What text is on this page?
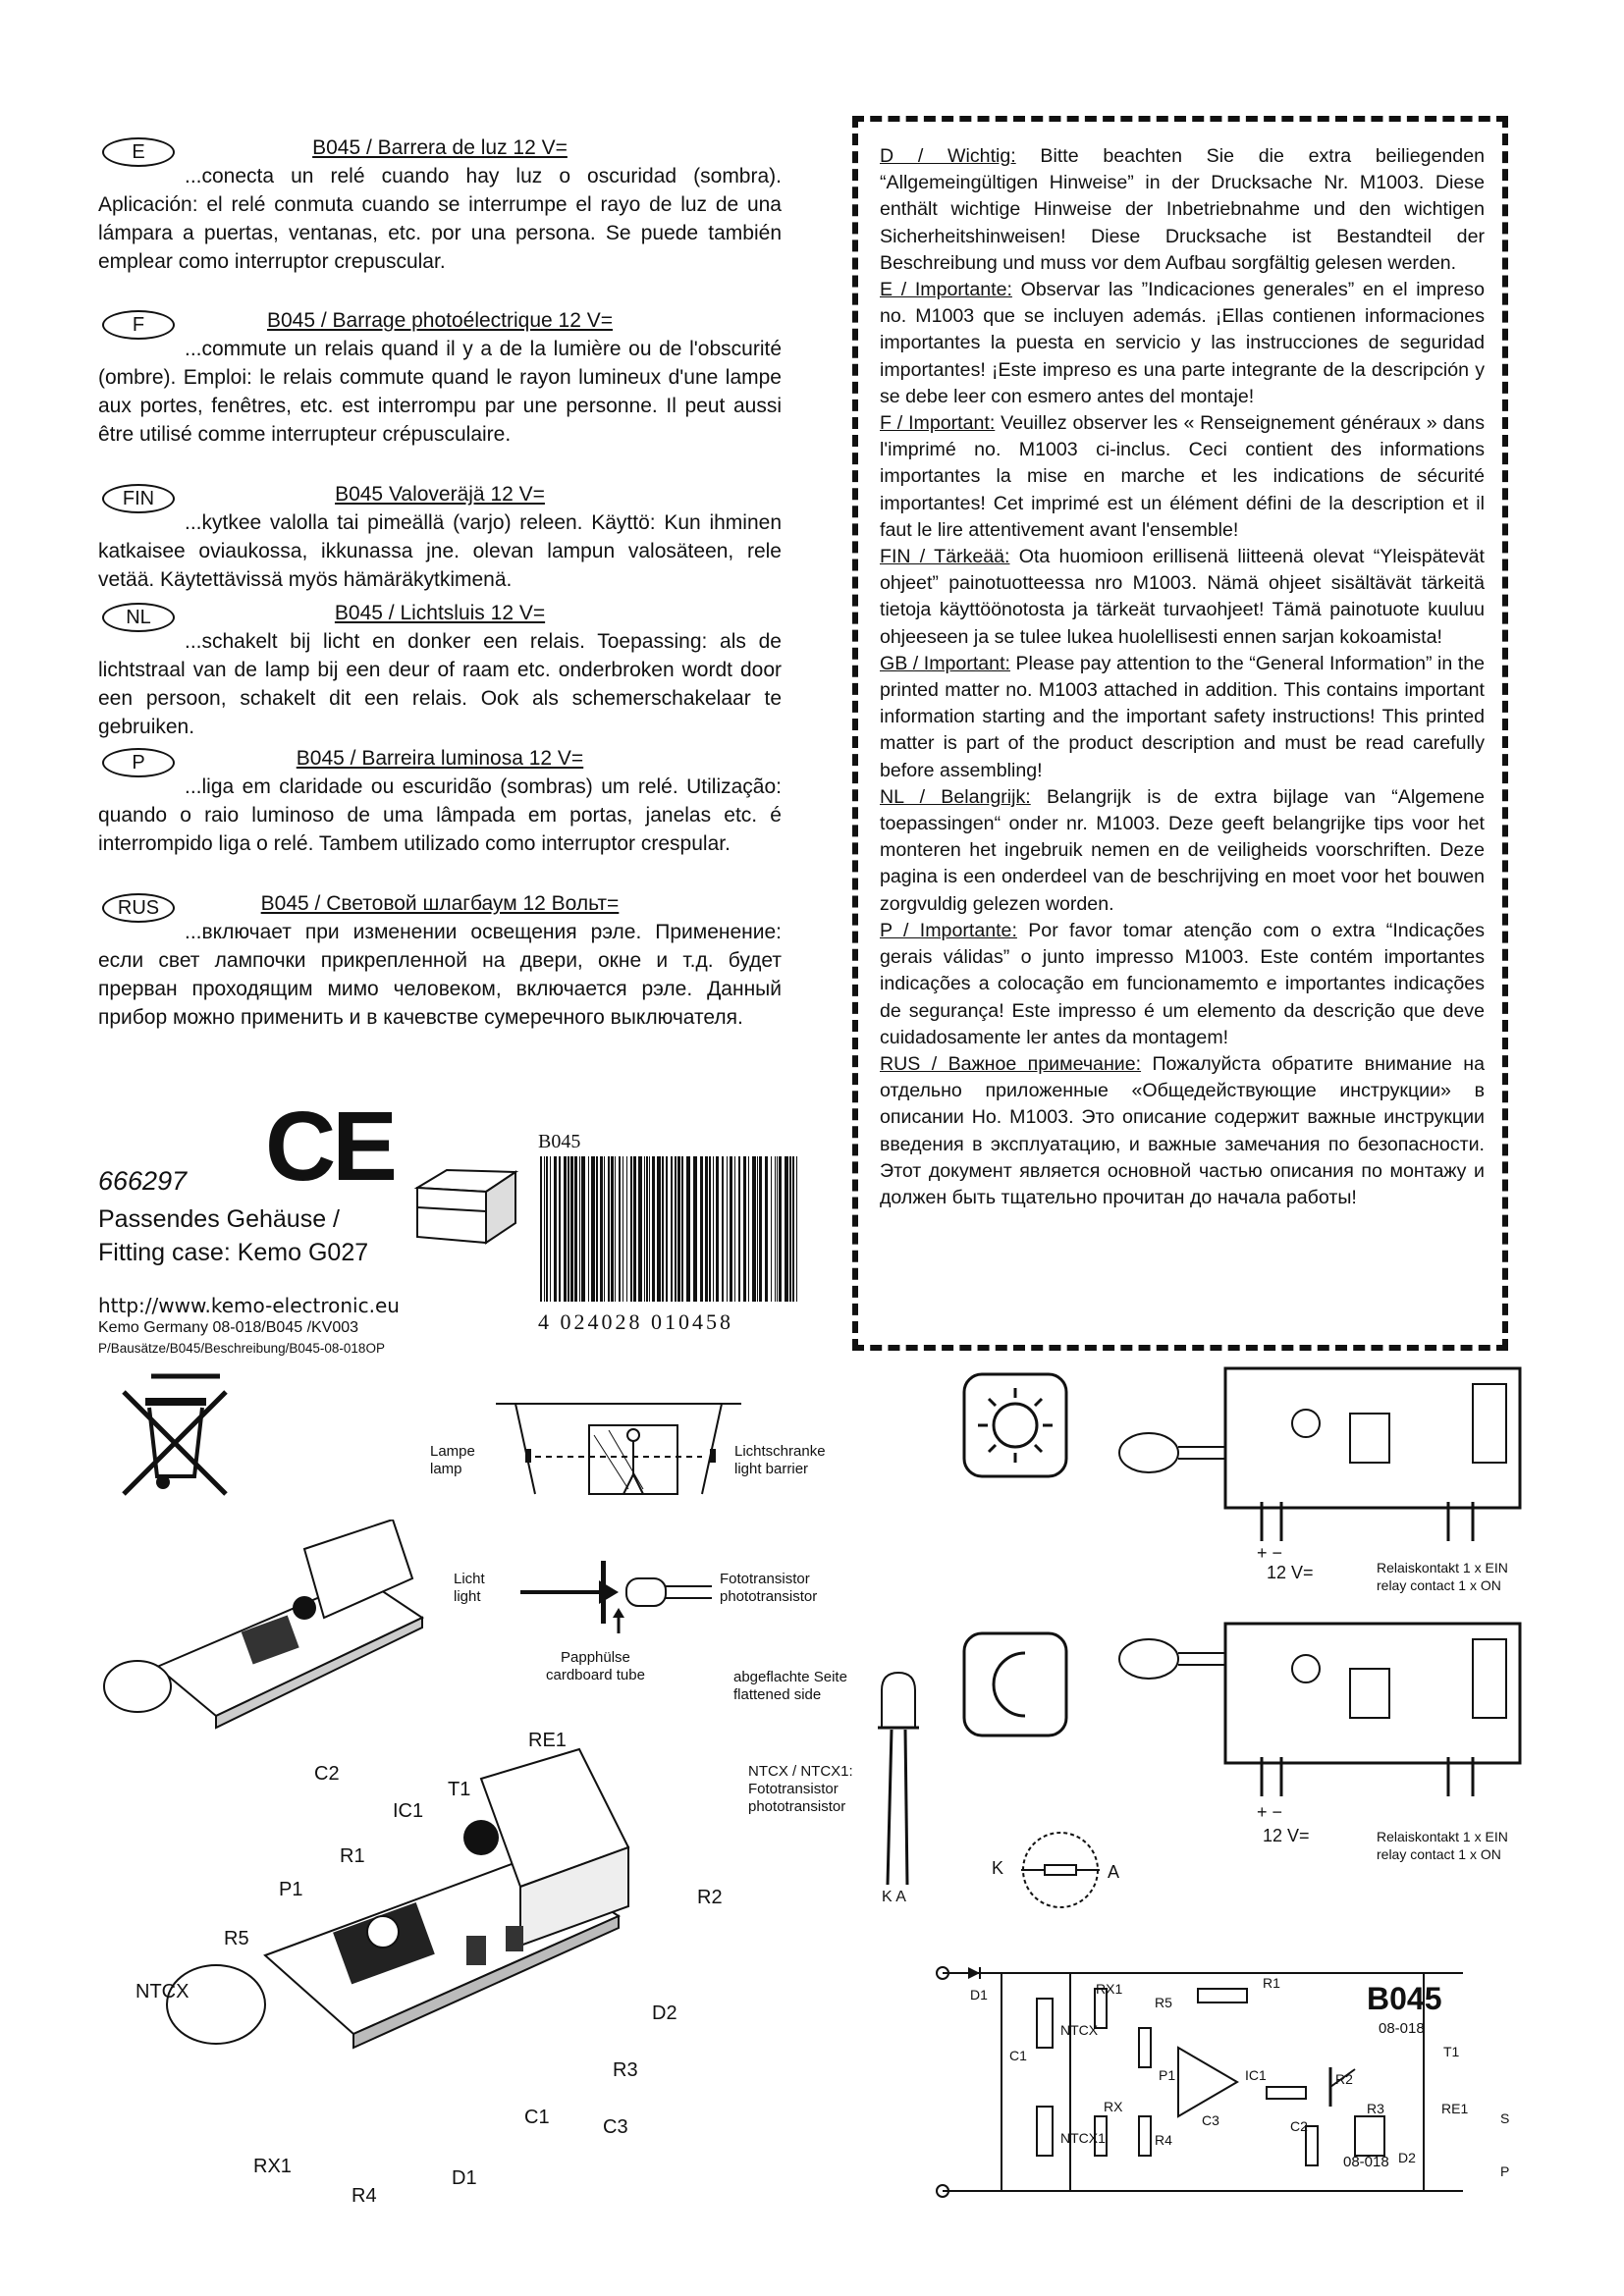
E	B045 / Barrera de luz 12 V=
...conecta un relé cuando hay luz o oscuridad (sombra). Aplicación: el relé conmuta cuando se interrumpe el rayo de luz de una lámpara a puertas, ventanas, etc. por una persona. Se puede también emplear como interruptor crepuscular.
F	B045 / Barrage photoélectrique 12 V=
...commute un relais quand il y a de la lumière ou de l'obscurité (ombre). Emploi: le relais commute quand le rayon lumineux d'une lampe aux portes, fenêtres, etc. est interrompu par une personne. Il peut aussi être utilisé comme interrupteur crépusculaire.
FIN	B045 Valoveräjä 12 V=
...kytkee valolla tai pimeällä (varjo) releen. Käyttö: Kun ihminen katkaisee oviaukossa, ikkunassa jne. olevan lampun valosäteen, rele vetää. Käytettävissä myös hämäräkytkimenä.
NL	B045 / Lichtsluis 12 V=
...schakelt bij licht en donker een relais. Toepassing: als de lichtstraal van de lamp bij een deur of raam etc. onderbroken wordt door een persoon, schakelt dit een relais. Ook als schemerschakelaar te gebruiken.
P	B045 / Barreira luminosa 12 V=
...liga em claridade ou escuridão (sombras) um relé. Utilização: quando o raio luminoso de uma lâmpada em portas, janelas etc. é interrompido liga o relé. Tambem utilizado como interruptor crespular.
RUS	B045 / Световой шлагбаум 12 Вольт=
...включает при изменении освещения рэле. Применение: если свет лампочки прикрепленной на двери, окне и т.д. будет прерван проходящим мимо человеком, включается рэле. Данный прибор можно применить и в качевстве сумеречного выключателя.

D / Wichtig: Bitte beachten Sie die extra beiliegenden “Allgemeingültigen Hinweise” in der Drucksache Nr. M1003. Diese enthält wichtige Hinweise der Inbetriebnahme und den wichtigen Sicherheitshinweisen! Diese Drucksache ist Bestandteil der Beschreibung und muss vor dem Aufbau sorgfältig gelesen werden.

E / Importante: Observar las ”Indicaciones generales” en el impreso no. M1003 que se incluyen además. ¡Ellas contienen informaciones importantes la puesta en servicio y las instrucciones de seguridad importantes! ¡Este impreso es una parte integrante de la descripción y se debe leer con esmero antes del montaje!

F / Important: Veuillez observer les « Renseignement généraux » dans l'imprimé no. M1003 ci-inclus. Ceci contient des informations importantes la mise en marche et les indications de sécurité importantes! Cet imprimé est un élément défini de la description et il faut le lire attentivement avant l'ensemble!

FIN / Tärkeää: Ota huomioon erillisenä liitteenä olevat “Yleispätevät ohjeet” painotuotteessa nro M1003. Nämä ohjeet sisältävät tärkeitä tietoja käyttöönotosta ja tärkeät turvaohjeet! Tämä painotuote kuuluu ohjeeseen ja se tulee lukea huolellisesti ennen sarjan kokoamista!

GB / Important: Please pay attention to the “General Information” in the printed matter no. M1003 attached in addition. This contains important information starting and the important safety instructions! This printed matter is part of the product description and must be read carefully before assembling!

NL / Belangrijk: Belangrijk is de extra bijlage van “Algemene toepassingen“ onder nr. M1003. Deze geeft belangrijke tips voor het monteren het ingebruik nemen en de veiligheids voorschriften. Deze pagina is een onderdeel van de beschrijving en moet voor het bouwen zorgvuldig gelezen worden.

P / Importante: Por favor tomar atenção com o extra “Indicações gerais válidas” o junto impresso M1003. Este contém importantes indicações a colocação em funcionamemto e importantes indicações de segurança! Este impresso é um elemento da descrição que deve cuidadosamente ler antes da montagem!

RUS / Важное примечание: Пожалуйста обратите внимание на отдельно приложенные «Общедействующие инструкции» в описании Но. M1003. Это описание содержит важные инструкции введения в эксплуатацию, и важные замечания по безопасности. Этот документ является основной частью описания по монтажу и должен быть тщательно прочитан до начала работы!

666297
Passendes Gehäuse /
Fitting case: Kemo G027
CE
http://www.kemo-electronic.eu
Kemo Germany 08-018/B045 /KV003
P/Bausätze/B045/Beschreibung/B045-08-018OP
B045
4 024028 010458
Lampe
lamp
Lichtschranke
light barrier
Licht
light
Fototransistor
phototransistor
Papphülse
cardboard tube	abgeflachte Seite
flattened side
NTCX / NTCX1:
Fototransistor
phototransistor
K A
K	A
RE1
C2
T1
IC1
R1
R2
P1
R5
NTCX
D2
R3
C1	C3
RX1
R4
D1
+ −
12 V=	Relaiskontakt 1 x EIN
relay contact 1 x ON
+ −
12 V=	Relaiskontakt 1 x EIN
relay contact 1 x ON
B045
08-018
08-018
D1
NTCX
RX1
R5
R1
C1
P1	IC1	R2
T1
RE1
NTCX1
RX
R4
C3	C2
R3
D2
S
P
